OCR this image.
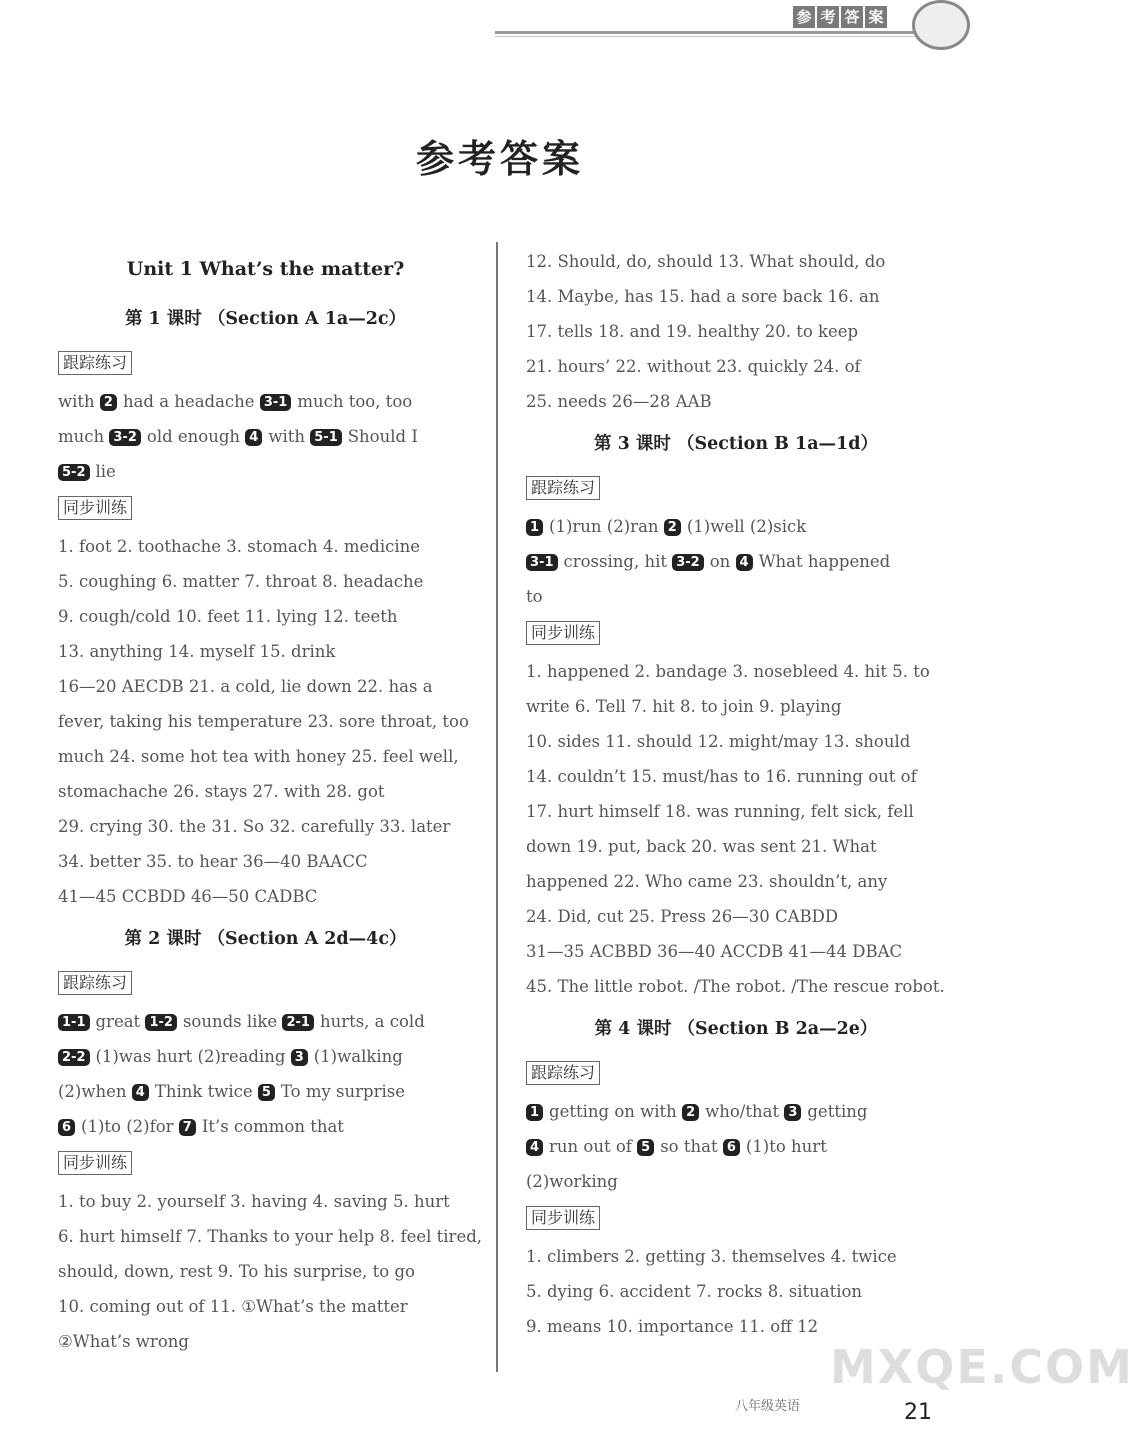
参 考 答 案
参考答案
Unit 1 What’s the matter?
第 1 课时 （Section A 1a—2c）
跟踪练习
with 2 had a headache 3-1 much too, too
much 3-2 old enough 4 with 5-1 Should I
5-2 lie
同步训练
1. foot 2. toothache 3. stomach 4. medicine
5. coughing 6. matter 7. throat 8. headache
9. cough/cold 10. feet 11. lying 12. teeth
13. anything 14. myself 15. drink
16—20 AECDB 21. a cold, lie down 22. has a
fever, taking his temperature 23. sore throat, too
much 24. some hot tea with honey 25. feel well,
stomachache 26. stays 27. with 28. got
29. crying 30. the 31. So 32. carefully 33. later
34. better 35. to hear 36—40 BAACC
41—45 CCBDD 46—50 CADBC
第 2 课时 （Section A 2d—4c）
跟踪练习
1-1 great 1-2 sounds like 2-1 hurts, a cold
2-2 (1)was hurt (2)reading 3 (1)walking
(2)when 4 Think twice 5 To my surprise
6 (1)to (2)for 7 It’s common that
同步训练
1. to buy 2. yourself 3. having 4. saving 5. hurt
6. hurt himself 7. Thanks to your help 8. feel tired,
should, down, rest 9. To his surprise, to go
10. coming out of 11. ①What’s the matter
②What’s wrong
12. Should, do, should 13. What should, do
14. Maybe, has 15. had a sore back 16. an
17. tells 18. and 19. healthy 20. to keep
21. hours’ 22. without 23. quickly 24. of
25. needs 26—28 AAB
第 3 课时 （Section B 1a—1d）
跟踪练习
1 (1)run (2)ran 2 (1)well (2)sick
3-1 crossing, hit 3-2 on 4 What happened
to
同步训练
1. happened 2. bandage 3. nosebleed 4. hit 5. to
write 6. Tell 7. hit 8. to join 9. playing
10. sides 11. should 12. might/may 13. should
14. couldn’t 15. must/has to 16. running out of
17. hurt himself 18. was running, felt sick, fell
down 19. put, back 20. was sent 21. What
happened 22. Who came 23. shouldn’t, any
24. Did, cut 25. Press 26—30 CABDD
31—35 ACBBD 36—40 ACCDB 41—44 DBAC
45. The little robot. /The robot. /The rescue robot.
第 4 课时 （Section B 2a—2e）
跟踪练习
1 getting on with 2 who/that 3 getting
4 run out of 5 so that 6 (1)to hurt
(2)working
同步训练
1. climbers 2. getting 3. themselves 4. twice
5. dying 6. accident 7. rocks 8. situation
9. means 10. importance 11. off 12
MXQE.COM
八年级英语	21
